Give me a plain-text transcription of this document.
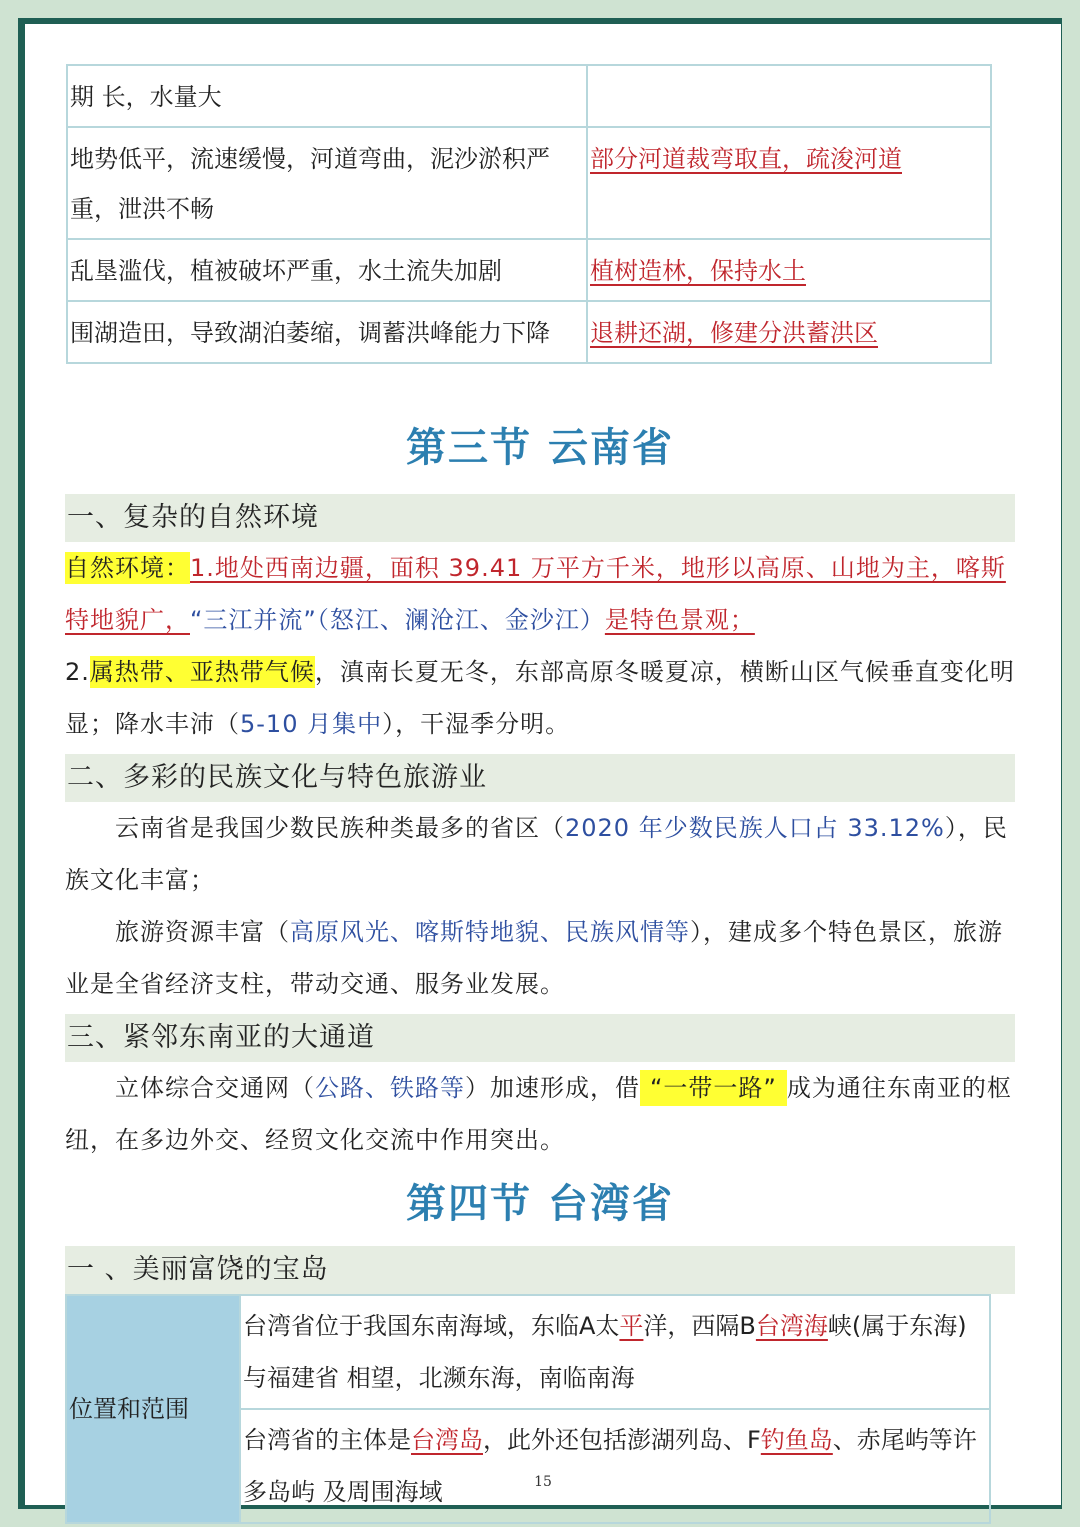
期 长，水量大	
地势低平，流速缓慢，河道弯曲，泥沙淤积严重，泄洪不畅	部分河道裁弯取直，疏浚河道
乱垦滥伐，植被破坏严重，水土流失加剧	植树造林，保持水土
围湖造田，导致湖泊萎缩，调蓄洪峰能力下降	退耕还湖，修建分洪蓄洪区
第三节 云南省
一、复杂的自然环境
自然环境：1.地处西南边疆，面积 39.41 万平方千米，地形以高原、山地为主，喀斯特地貌广，“三江并流”（怒江、澜沧江、金沙江）是特色景观；
2.属热带、亚热带气候，滇南长夏无冬，东部高原冬暖夏凉，横断山区气候垂直变化明显；降水丰沛（5-10 月集中），干湿季分明。
二、多彩的民族文化与特色旅游业
云南省是我国少数民族种类最多的省区（2020 年少数民族人口占 33.12%），民族文化丰富；
旅游资源丰富（高原风光、喀斯特地貌、民族风情等），建成多个特色景区，旅游业是全省经济支柱，带动交通、服务业发展。
三、紧邻东南亚的大通道
立体综合交通网（公路、铁路等）加速形成，借 “一带一路” 成为通往东南亚的枢纽，在多边外交、经贸文化交流中作用突出。
第四节 台湾省
一 、美丽富饶的宝岛
位置和范围	台湾省位于我国东南海域，东临A太平洋，西隔B台湾海峡(属于东海)与福建省 相望，北濒东海，南临南海
台湾省的主体是台湾岛，此外还包括澎湖列岛、F钓鱼岛、赤尾屿等许多岛屿 及周围海域	15
